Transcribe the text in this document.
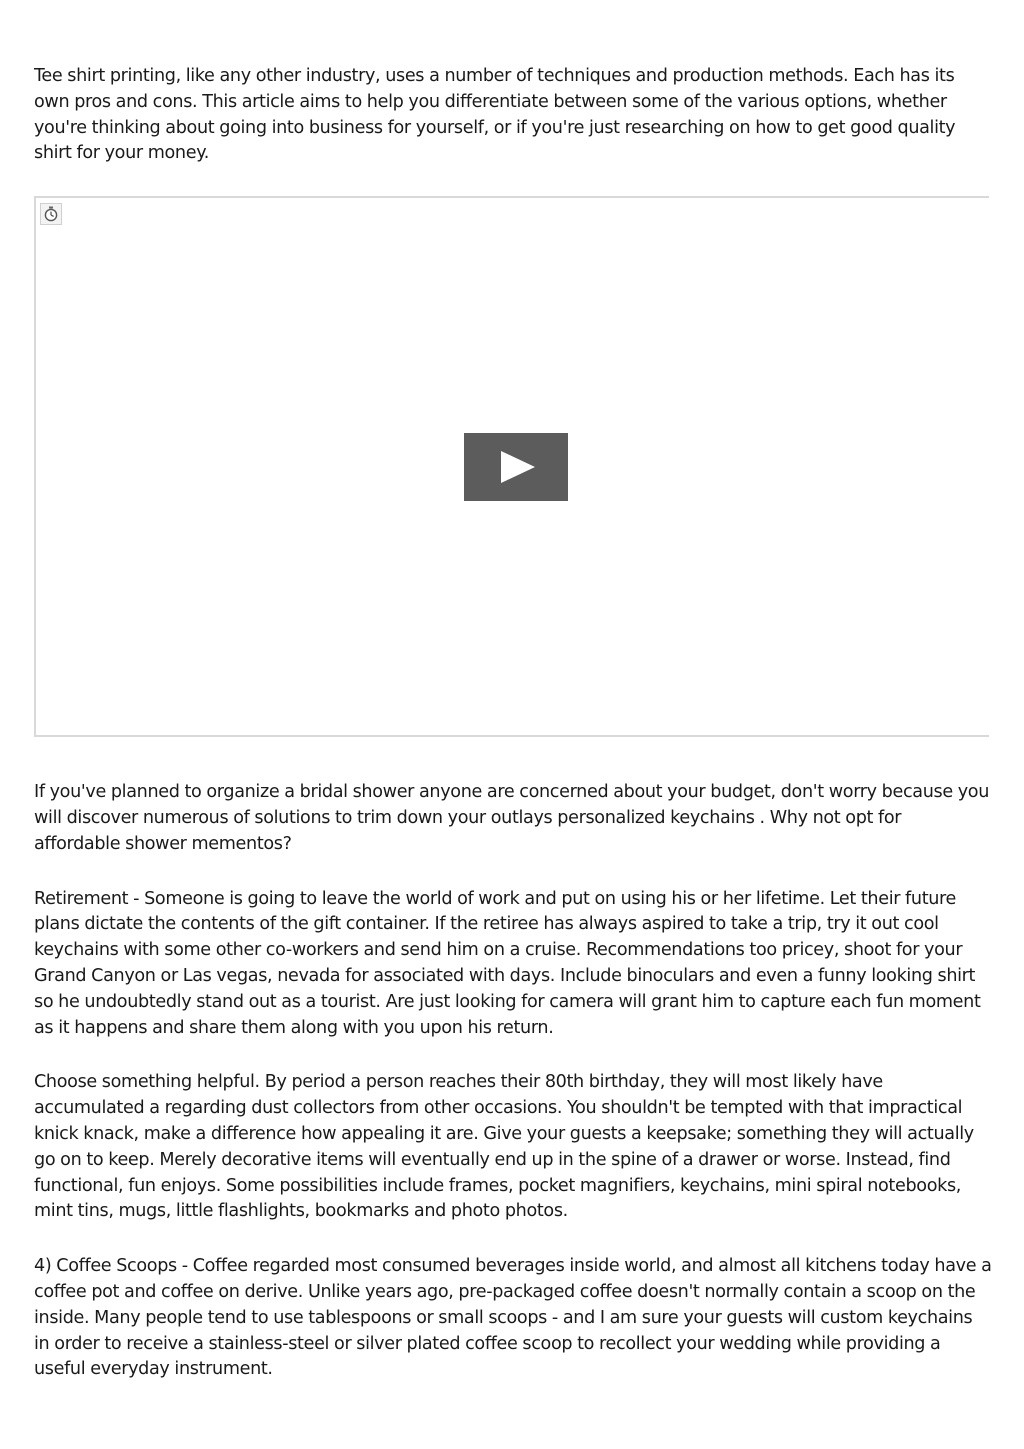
Tee shirt printing, like any other industry, uses a number of techniques and production methods. Each has its own pros and cons. This article aims to help you differentiate between some of the various options, whether you're thinking about going into business for yourself, or if you're just researching on how to get good quality shirt for your money.

If you've planned to organize a bridal shower anyone are concerned about your budget, don't worry because you will discover numerous of solutions to trim down your outlays personalized keychains . Why not opt for affordable shower mementos?

Retirement - Someone is going to leave the world of work and put on using his or her lifetime. Let their future plans dictate the contents of the gift container. If the retiree has always aspired to take a trip, try it out cool keychains with some other co-workers and send him on a cruise. Recommendations too pricey, shoot for your Grand Canyon or Las vegas, nevada for associated with days. Include binoculars and even a funny looking shirt so he undoubtedly stand out as a tourist. Are just looking for camera will grant him to capture each fun moment as it happens and share them along with you upon his return.

Choose something helpful. By period a person reaches their 80th birthday, they will most likely have accumulated a regarding dust collectors from other occasions. You shouldn't be tempted with that impractical knick knack, make a difference how appealing it are. Give your guests a keepsake; something they will actually go on to keep. Merely decorative items will eventually end up in the spine of a drawer or worse. Instead, find functional, fun enjoys. Some possibilities include frames, pocket magnifiers, keychains, mini spiral notebooks, mint tins, mugs, little flashlights, bookmarks and photo photos.

4) Coffee Scoops - Coffee regarded most consumed beverages inside world, and almost all kitchens today have a coffee pot and coffee on derive. Unlike years ago, pre-packaged coffee doesn't normally contain a scoop on the inside. Many people tend to use tablespoons or small scoops - and I am sure your guests will custom keychains in order to receive a stainless-steel or silver plated coffee scoop to recollect your wedding while providing a useful everyday instrument.
